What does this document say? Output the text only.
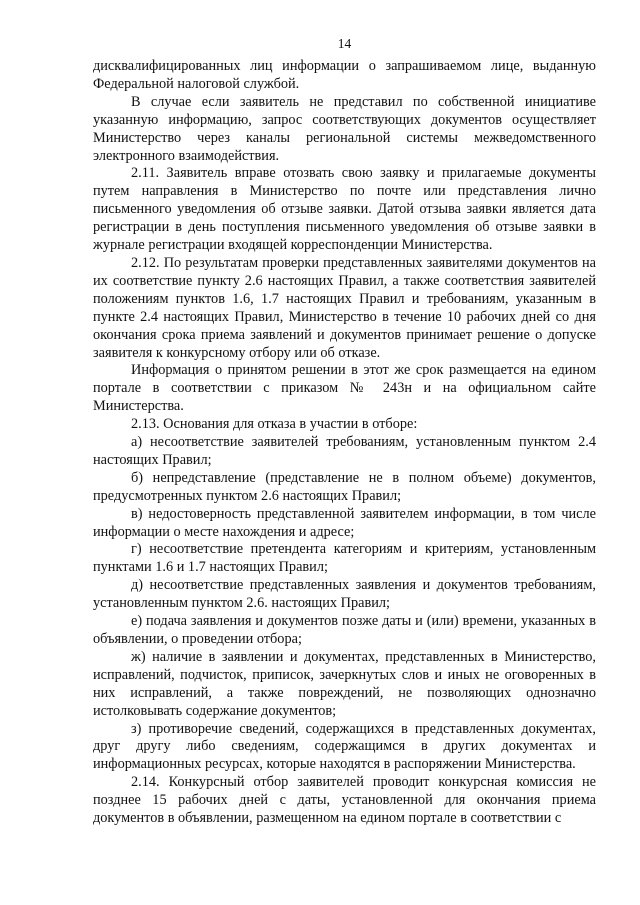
14

дисквалифицированных лиц информации о запрашиваемом лице, выданную Федеральной налоговой службой.

В случае если заявитель не представил по собственной инициативе указанную информацию, запрос соответствующих документов осуществляет Министерство через каналы региональной системы межведомственного электронного взаимодействия.

2.11. Заявитель вправе отозвать свою заявку и прилагаемые документы путем направления в Министерство по почте или представления лично письменного уведомления об отзыве заявки. Датой отзыва заявки является дата регистрации в день поступления письменного уведомления об отзыве заявки в журнале регистрации входящей корреспонденции Министерства.

2.12. По результатам проверки представленных заявителями документов на их соответствие пункту 2.6 настоящих Правил, а также соответствия заявителей положениям пунктов 1.6, 1.7 настоящих Правил и требованиям, указанным в пункте 2.4 настоящих Правил, Министерство в течение 10 рабочих дней со дня окончания срока приема заявлений и документов принимает решение о допуске заявителя к конкурсному отбору или об отказе.

Информация о принятом решении в этот же срок размещается на едином портале в соответствии с приказом № 243н и на официальном сайте Министерства.

2.13. Основания для отказа в участии в отборе:

а) несоответствие заявителей требованиям, установленным пунктом 2.4 настоящих Правил;

б) непредставление (представление не в полном объеме) документов, предусмотренных пунктом 2.6 настоящих Правил;

в) недостоверность представленной заявителем информации, в том числе информации о месте нахождения и адресе;

г) несоответствие претендента категориям и критериям, установленным пунктами 1.6 и 1.7 настоящих Правил;

д) несоответствие представленных заявления и документов требованиям, установленным пунктом 2.6. настоящих Правил;

е) подача заявления и документов позже даты и (или) времени, указанных в объявлении, о проведении отбора;

ж) наличие в заявлении и документах, представленных в Министерство, исправлений, подчисток, приписок, зачеркнутых слов и иных не оговоренных в них исправлений, а также повреждений, не позволяющих однозначно истолковывать содержание документов;

з) противоречие сведений, содержащихся в представленных документах, друг другу либо сведениям, содержащимся в других документах и информационных ресурсах, которые находятся в распоряжении Министерства.

2.14. Конкурсный отбор заявителей проводит конкурсная комиссия не позднее 15 рабочих дней с даты, установленной для окончания приема документов в объявлении, размещенном на едином портале в соответствии с
